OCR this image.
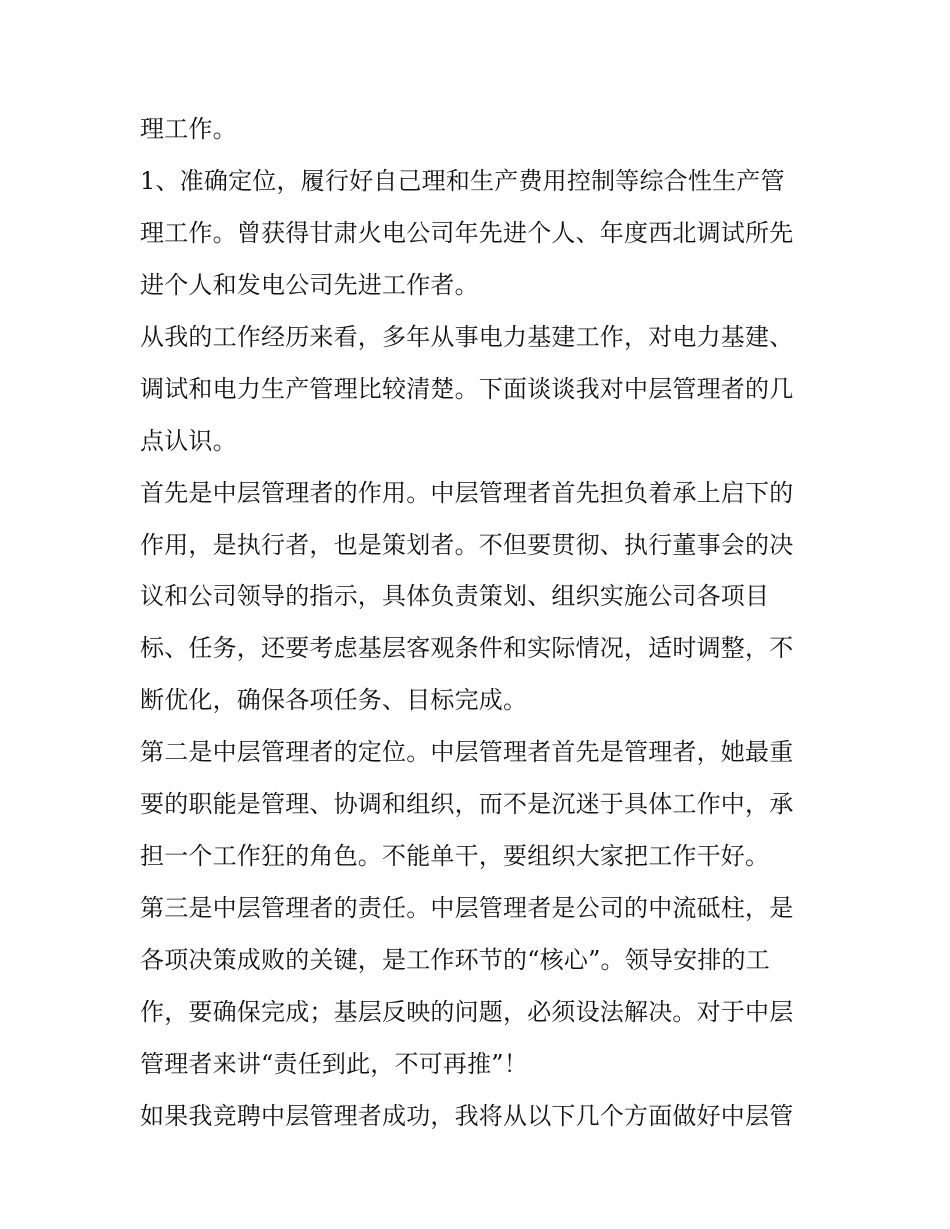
理工作。
1、准确定位，履行好自己理和生产费用控制等综合性生产管
理工作。曾获得甘肃火电公司年先进个人、年度西北调试所先
进个人和发电公司先进工作者。
从我的工作经历来看，多年从事电力基建工作，对电力基建、
调试和电力生产管理比较清楚。下面谈谈我对中层管理者的几
点认识。
首先是中层管理者的作用。中层管理者首先担负着承上启下的
作用，是执行者，也是策划者。不但要贯彻、执行董事会的决
议和公司领导的指示，具体负责策划、组织实施公司各项目
标、任务，还要考虑基层客观条件和实际情况，适时调整，不
断优化，确保各项任务、目标完成。
第二是中层管理者的定位。中层管理者首先是管理者，她最重
要的职能是管理、协调和组织，而不是沉迷于具体工作中，承
担一个工作狂的角色。不能单干，要组织大家把工作干好。
第三是中层管理者的责任。中层管理者是公司的中流砥柱，是
各项决策成败的关键，是工作环节的“核心”。领导安排的工
作，要确保完成；基层反映的问题，必须设法解决。对于中层
管理者来讲“责任到此，不可再推”！
如果我竞聘中层管理者成功，我将从以下几个方面做好中层管
